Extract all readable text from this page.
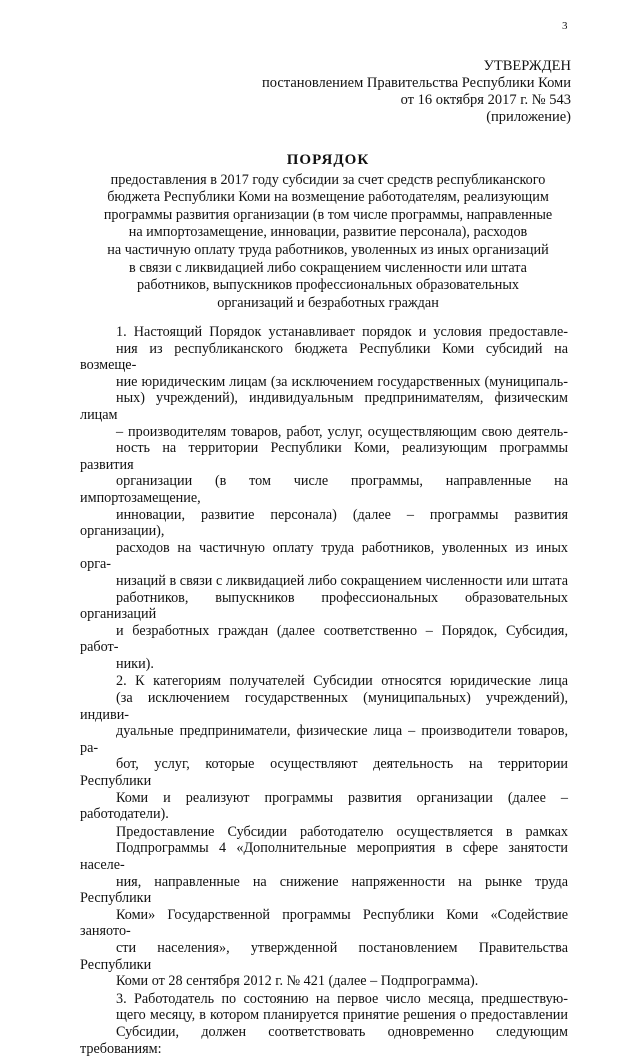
3
УТВЕРЖДЕН
постановлением Правительства Республики Коми
от 16 октября 2017 г. № 543
(приложение)
ПОРЯДОК
предоставления в 2017 году субсидии за счет средств республиканского
бюджета Республики Коми на возмещение работодателям, реализующим
программы развития организации (в том числе программы, направленные
на импортозамещение, инновации, развитие персонала), расходов
на частичную оплату труда работников, уволенных из иных организаций
в связи с ликвидацией либо сокращением численности или штата
работников, выпускников профессиональных образовательных
организаций и безработных граждан
1. Настоящий Порядок устанавливает порядок и условия предоставле-
ния из республиканского бюджета Республики Коми субсидий на возмеще-
ние юридическим лицам (за исключением государственных (муниципаль-
ных) учреждений), индивидуальным предпринимателям, физическим лицам
– производителям товаров, работ, услуг, осуществляющим свою деятель-
ность на территории Республики Коми, реализующим программы развития
организации (в том числе программы, направленные на импортозамещение,
инновации, развитие персонала) (далее – программы развития организации),
расходов на частичную оплату труда работников, уволенных из иных орга-
низаций в связи с ликвидацией либо сокращением численности или штата
работников, выпускников профессиональных образовательных организаций
и безработных граждан (далее соответственно – Порядок, Субсидия, работ-
ники).
2. К категориям получателей Субсидии относятся юридические лица
(за исключением государственных (муниципальных) учреждений), индиви-
дуальные предприниматели, физические лица – производители товаров, ра-
бот, услуг, которые осуществляют деятельность на территории Республики
Коми и реализуют программы развития организации (далее – работодатели).
Предоставление Субсидии работодателю осуществляется в рамках
Подпрограммы 4 «Дополнительные мероприятия в сфере занятости населе-
ния, направленные на снижение напряженности на рынке труда Республики
Коми» Государственной программы Республики Коми «Содействие заняото-
сти населения», утвержденной постановлением Правительства Республики
Коми от 28 сентября 2012 г. № 421 (далее – Подпрограмма).
3. Работодатель по состоянию на первое число месяца, предшествую-
щего месяцу, в котором планируется принятие решения о предоставлении
Субсидии, должен соответствовать одновременно следующим требованиям:
